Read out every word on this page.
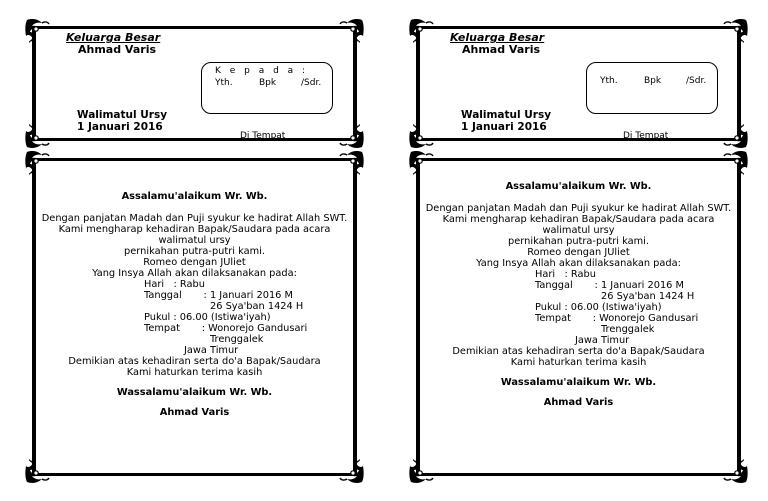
Keluarga Besar
Ahmad Varis
K e p a d a :
Yth.	Bpk	/Sdr.
Walimatul Ursy
1 Januari 2016
Di Tempat
Keluarga Besar
Ahmad Varis
Yth.	Bpk	/Sdr.
Walimatul Ursy
1 Januari 2016
Di Tempat
Assalamu'alaikum Wr. Wb.
Dengan panjatan Madah dan Puji syukur ke hadirat Allah SWT.
Kami mengharap kehadiran Bapak/Saudara pada acara
walimatul ursy
pernikahan putra-putri kami.
Romeo dengan JUliet
Yang Insya Allah akan dilaksanakan pada:
Hari   : Rabu
Tanggal       : 1 Januari 2016 M
26 Sya'ban 1424 H
Pukul : 06.00 (Istiwa'iyah)
Tempat       : Wonorejo Gandusari
Trenggalek
Jawa Timur
Demikian atas kehadiran serta do'a Bapak/Saudara
Kami haturkan terima kasih
Wassalamu'alaikum Wr. Wb.
Ahmad Varis
Assalamu'alaikum Wr. Wb.
Dengan panjatan Madah dan Puji syukur ke hadirat Allah SWT.
Kami mengharap kehadiran Bapak/Saudara pada acara
walimatul ursy
pernikahan putra-putri kami.
Romeo dengan JUliet
Yang Insya Allah akan dilaksanakan pada:
Hari   : Rabu
Tanggal       : 1 Januari 2016 M
26 Sya'ban 1424 H
Pukul : 06.00 (Istiwa'iyah)
Tempat       : Wonorejo Gandusari
Trenggalek
Jawa Timur
Demikian atas kehadiran serta do'a Bapak/Saudara
Kami haturkan terima kasih
Wassalamu'alaikum Wr. Wb.
Ahmad Varis
